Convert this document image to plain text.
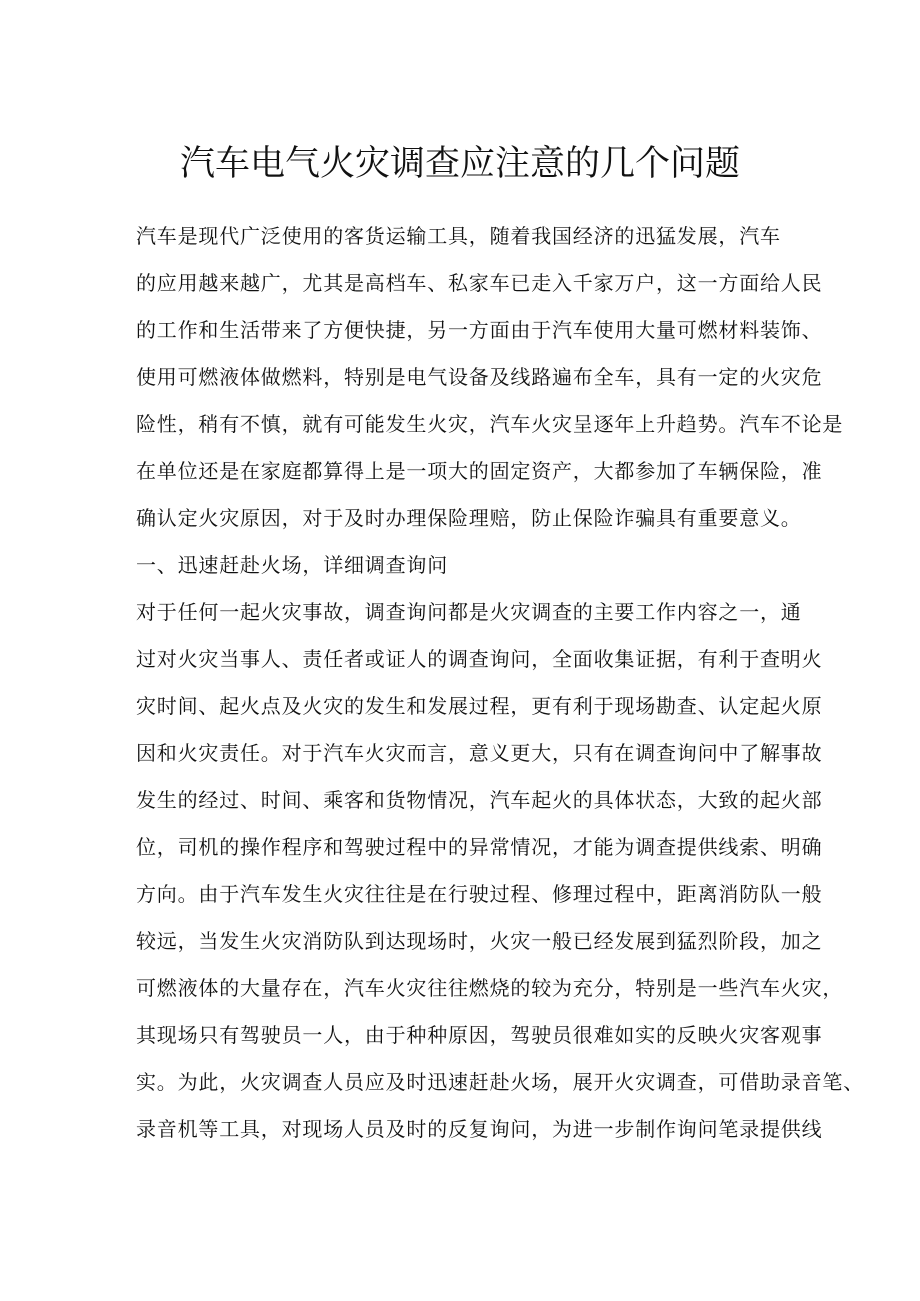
汽车电气火灾调查应注意的几个问题
汽车是现代广泛使用的客货运输工具，随着我国经济的迅猛发展，汽车
的应用越来越广，尤其是高档车、私家车已走入千家万户，这一方面给人民
的工作和生活带来了方便快捷，另一方面由于汽车使用大量可燃材料装饰、
使用可燃液体做燃料，特别是电气设备及线路遍布全车，具有一定的火灾危
险性，稍有不慎，就有可能发生火灾，汽车火灾呈逐年上升趋势。汽车不论是
在单位还是在家庭都算得上是一项大的固定资产，大都参加了车辆保险，准
确认定火灾原因，对于及时办理保险理赔，防止保险诈骗具有重要意义。
一、迅速赶赴火场，详细调查询问
对于任何一起火灾事故，调查询问都是火灾调查的主要工作内容之一，通
过对火灾当事人、责任者或证人的调查询问，全面收集证据，有利于查明火
灾时间、起火点及火灾的发生和发展过程，更有利于现场勘查、认定起火原
因和火灾责任。对于汽车火灾而言，意义更大，只有在调查询问中了解事故
发生的经过、时间、乘客和货物情况，汽车起火的具体状态，大致的起火部
位，司机的操作程序和驾驶过程中的异常情况，才能为调查提供线索、明确
方向。由于汽车发生火灾往往是在行驶过程、修理过程中，距离消防队一般
较远，当发生火灾消防队到达现场时，火灾一般已经发展到猛烈阶段，加之
可燃液体的大量存在，汽车火灾往往燃烧的较为充分，特别是一些汽车火灾，
其现场只有驾驶员一人，由于种种原因，驾驶员很难如实的反映火灾客观事
实。为此，火灾调查人员应及时迅速赶赴火场，展开火灾调查，可借助录音笔、
录音机等工具，对现场人员及时的反复询问，为进一步制作询问笔录提供线
